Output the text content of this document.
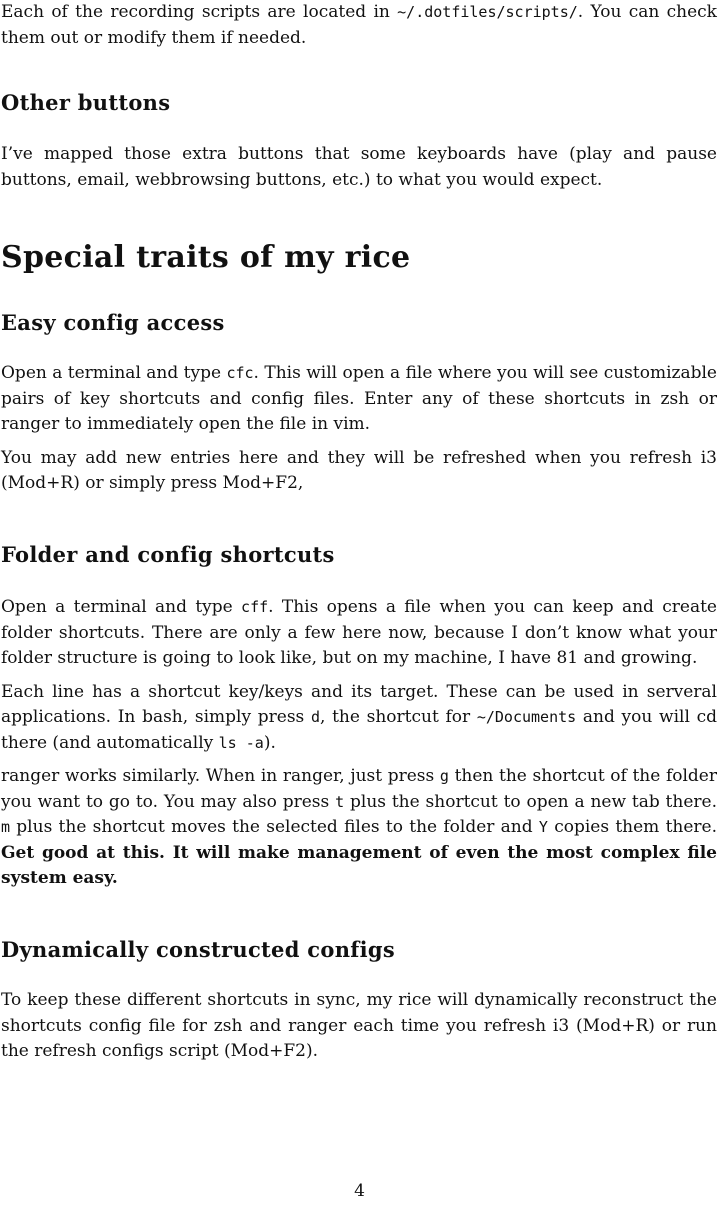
Each of the recording scripts are located in ~/.dotfiles/scripts/. You can check them out or modify them if needed.

Other buttons

I’ve mapped those extra buttons that some keyboards have (play and pause buttons, email, webbrowsing buttons, etc.) to what you would expect.

Special traits of my rice
Easy config access

Open a terminal and type cfc. This will open a file where you will see customizable pairs of key shortcuts and config files. Enter any of these shortcuts in zsh or ranger to immediately open the file in vim.

You may add new entries here and they will be refreshed when you refresh i3 (Mod+R) or simply press Mod+F2,

Folder and config shortcuts

Open a terminal and type cff. This opens a file when you can keep and create folder shortcuts. There are only a few here now, because I don’t know what your folder structure is going to look like, but on my machine, I have 81 and growing.

Each line has a shortcut key/keys and its target. These can be used in serveral applications. In bash, simply press d, the shortcut for ~/Documents and you will cd there (and automatically ls -a).

ranger works similarly. When in ranger, just press g then the shortcut of the folder you want to go to. You may also press t plus the shortcut to open a new tab there. m plus the shortcut moves the selected files to the folder and Y copies them there. Get good at this. It will make management of even the most complex file system easy.

Dynamically constructed configs

To keep these different shortcuts in sync, my rice will dynamically reconstruct the shortcuts config file for zsh and ranger each time you refresh i3 (Mod+R) or run the refresh configs script (Mod+F2).

4
